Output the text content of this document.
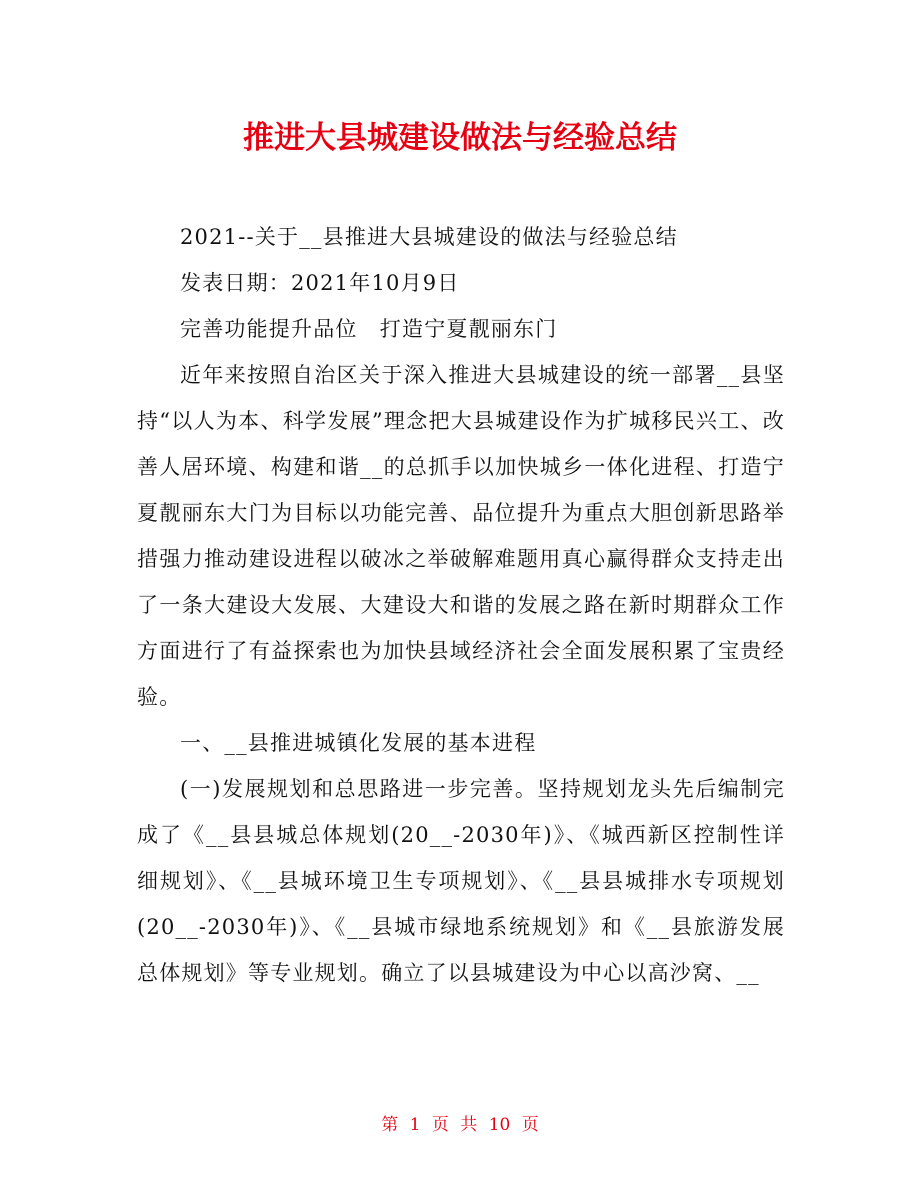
推进大县城建设做法与经验总结

2021--关于__县推进大县城建设的做法与经验总结

发表日期：2021年10月9日

完善功能提升品位　打造宁夏靓丽东门

近年来按照自治区关于深入推进大县城建设的统一部署__县坚持“以人为本、科学发展”理念把大县城建设作为扩城移民兴工、改善人居环境、构建和谐__的总抓手以加快城乡一体化进程、打造宁夏靓丽东大门为目标以功能完善、品位提升为重点大胆创新思路举措强力推动建设进程以破冰之举破解难题用真心赢得群众支持走出了一条大建设大发展、大建设大和谐的发展之路在新时期群众工作方面进行了有益探索也为加快县域经济社会全面发展积累了宝贵经验。

一、__县推进城镇化发展的基本进程

(一)发展规划和总思路进一步完善。坚持规划龙头先后编制完成了《__县县城总体规划(20__-2030年)》、《城西新区控制性详细规划》、《__县城环境卫生专项规划》、《__县县城排水专项规划(20__-2030年)》、《__县城市绿地系统规划》和《__县旅游发展总体规划》等专业规划。确立了以县城建设为中心以高沙窝、__

第 1 页 共 10 页
